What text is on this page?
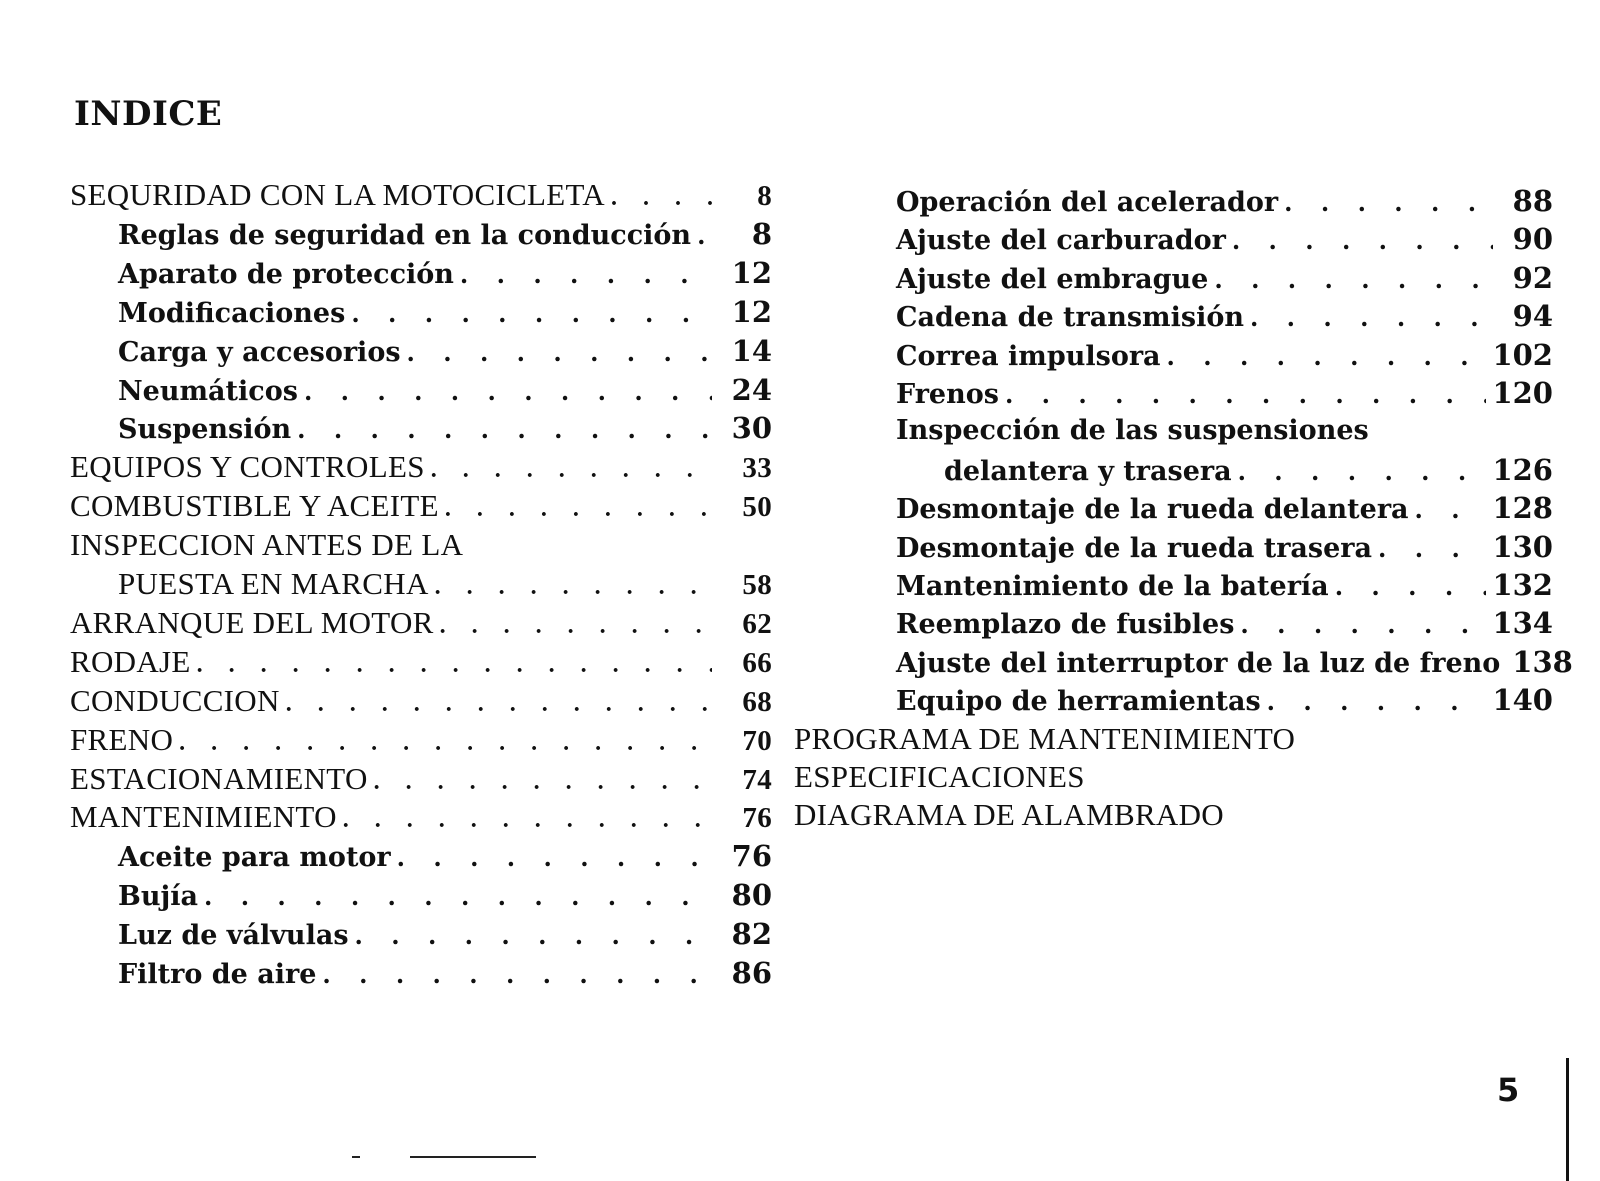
INDICE
SEQURIDAD CON LA MOTOCICLETA . . .	8
Reglas de seguridad en la conducción . . .	8
Aparato de protección . . .	12
Modificaciones . . .	12
Carga y accesorios . . .	14
Neumáticos . . .	24
Suspensión . . .	30
EQUIPOS Y CONTROLES . . .	33
COMBUSTIBLE Y ACEITE . . .	50
INSPECCION ANTES DE LA
PUESTA EN MARCHA . . .	58
ARRANQUE DEL MOTOR . . .	62
RODAJE . . .	66
CONDUCCION . . .	68
FRENO . . .	70
ESTACIONAMIENTO . . .	74
MANTENIMIENTO . . .	76
Aceite para motor . . .	76
Bujía . . .	80
Luz de válvulas . . .	82
Filtro de aire . . .	86
Operación del acelerador . . .	88
Ajuste del carburador . . .	90
Ajuste del embrague . . .	92
Cadena de transmisión . . .	94
Correa impulsora . . .	102
Frenos . . .	120
Inspección de las suspensiones
delantera y trasera . . .	126
Desmontaje de la rueda delantera . . .	128
Desmontaje de la rueda trasera . . .	130
Mantenimiento de la batería . . .	132
Reemplazo de fusibles . . .	134
Ajuste del interruptor de la luz de freno 138
Equipo de herramientas . . .	140
PROGRAMA DE MANTENIMIENTO
ESPECIFICACIONES
DIAGRAMA DE ALAMBRADO
5
